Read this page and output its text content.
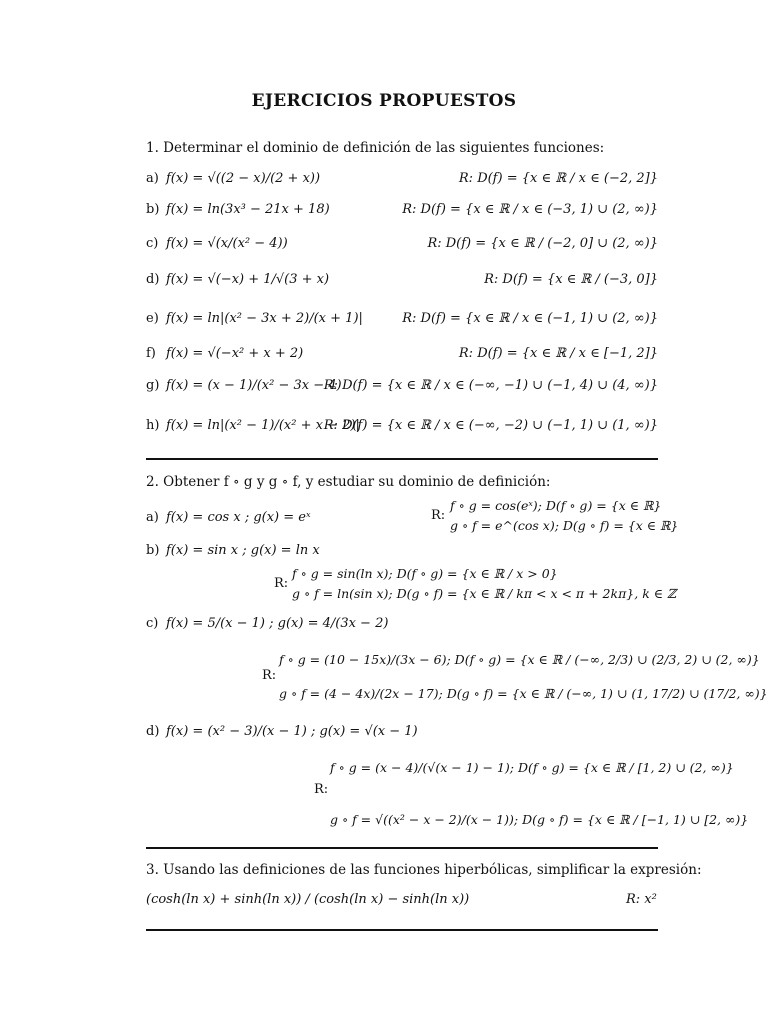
EJERCICIOS PROPUESTOS
1. Determinar el dominio de definición de las siguientes funciones:
a) f(x) = √((2 − x)/(2 + x))	R: D(f) = {x ∈ ℝ / x ∈ (−2, 2]}
b) f(x) = ln(3x³ − 21x + 18)	R: D(f) = {x ∈ ℝ / x ∈ (−3, 1) ∪ (2, ∞)}
c) f(x) = √(x/(x² − 4))	R: D(f) = {x ∈ ℝ / (−2, 0] ∪ (2, ∞)}
d) f(x) = √(−x) + 1/√(3 + x)	R: D(f) = {x ∈ ℝ / (−3, 0]}
e) f(x) = ln|(x² − 3x + 2)/(x + 1)|	R: D(f) = {x ∈ ℝ / x ∈ (−1, 1) ∪ (2, ∞)}
f) f(x) = √(−x² + x + 2)	R: D(f) = {x ∈ ℝ / x ∈ [−1, 2]}
g) f(x) = (x − 1)/(x² − 3x − 4)
R: D(f) = {x ∈ ℝ / x ∈ (−∞, −1) ∪ (−1, 4) ∪ (4, ∞)}
h) f(x) = ln|(x² − 1)/(x² + x − 2)|
R: D(f) = {x ∈ ℝ / x ∈ (−∞, −2) ∪ (−1, 1) ∪ (1, ∞)}
2. Obtener f ∘ g y g ∘ f, y estudiar su dominio de definición:
a) f(x) = cos x ; g(x) = eˣ	R:
f ∘ g = cos(eˣ); D(f ∘ g) = {x ∈ ℝ}
g ∘ f = e^(cos x); D(g ∘ f) = {x ∈ ℝ}
b) f(x) = sin x ; g(x) = ln x
R:
f ∘ g = sin(ln x); D(f ∘ g) = {x ∈ ℝ / x > 0}
g ∘ f = ln(sin x); D(g ∘ f) = {x ∈ ℝ / kπ < x < π + 2kπ}, k ∈ ℤ
c) f(x) = 5/(x − 1) ; g(x) = 4/(3x − 2)
R:
f ∘ g = (10 − 15x)/(3x − 6); D(f ∘ g) = {x ∈ ℝ / (−∞, 2/3) ∪ (2/3, 2) ∪ (2, ∞)}
g ∘ f = (4 − 4x)/(2x − 17); D(g ∘ f) = {x ∈ ℝ / (−∞, 1) ∪ (1, 17/2) ∪ (17/2, ∞)}
d) f(x) = (x² − 3)/(x − 1) ; g(x) = √(x − 1)
R:
f ∘ g = (x − 4)/(√(x − 1) − 1); D(f ∘ g) = {x ∈ ℝ / [1, 2) ∪ (2, ∞)}
g ∘ f = √((x² − x − 2)/(x − 1)); D(g ∘ f) = {x ∈ ℝ / [−1, 1) ∪ [2, ∞)}
3. Usando las definiciones de las funciones hiperbólicas, simplificar la expresión:
(cosh(ln x) + sinh(ln x)) / (cosh(ln x) − sinh(ln x))	R: x²
